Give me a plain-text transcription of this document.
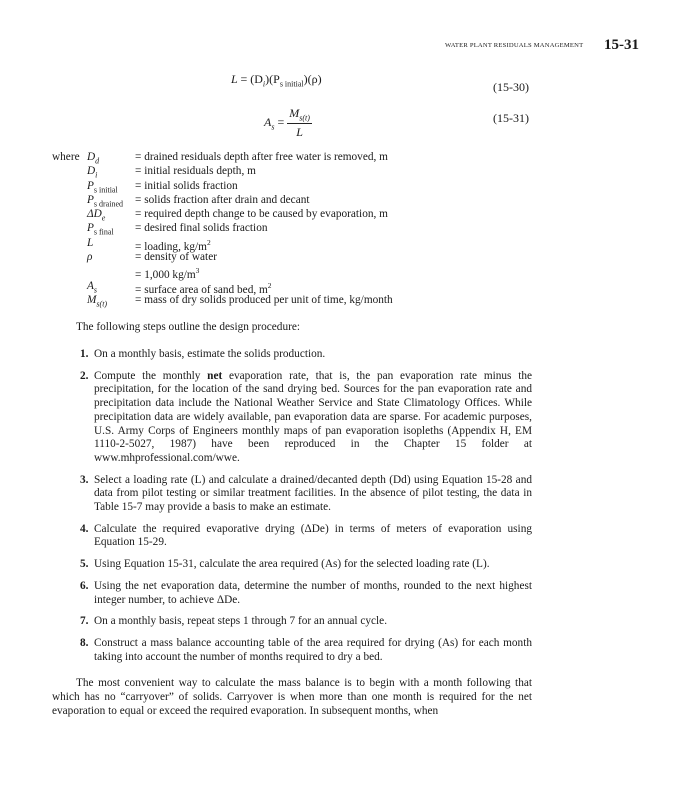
WATER PLANT RESIDUALS MANAGEMENT 15-31
$L = (D_i)(P_{s initial})(\rho)$
(15-30)
$A_s = \frac{M_{s(t)}}{L}$	(15-31)
where $D_d$	= drained residuals depth after free water is removed, m
$D_i$	= initial residuals depth, m
$P_{s initial}$ = initial solids fraction
$P_{s drained}$ = solids fraction after drain and decant
$\Delta D_e$	= required depth change to be caused by evaporation, m
$P_{s final}$ = desired final solids fraction
L	= loading, $kg/m^2$
ρ	= density of water
= 1,000 $kg/m^3$
$A_s$	= surface area of sand bed, $m^2$
$M_{s(t)}$ = mass of dry solids produced per unit of time, kg/month
The following steps outline the design procedure:
1. On a monthly basis, estimate the solids production.
2. Compute the monthly net evaporation rate, that is, the pan evaporation rate minus the precipitation, for the location of the sand drying bed. Sources for the pan evaporation rate and precipitation data include the National Weather Service and State Climatology Offices. While precipitation data are widely available, pan evaporation data are sparse. For academic purposes, U.S. Army Corps of Engineers monthly maps of pan evaporation isopleths (Appendix H, EM 1110-2-5027, 1987) have been reproduced in the Chapter 15 folder at www.mhprofessional.com/wwe.
3. Select a loading rate (L) and calculate a drained/decanted depth (Dd) using Equation 15-28 and data from pilot testing or similar treatment facilities. In the absence of pilot testing, the data in Table 15-7 may provide a basis to make an estimate.
4. Calculate the required evaporative drying (ΔDe) in terms of meters of evaporation using Equation 15-29.
5. Using Equation 15-31, calculate the area required (As) for the selected loading rate (L).
6. Using the net evaporation data, determine the number of months, rounded to the next highest integer number, to achieve ΔDe.
7. On a monthly basis, repeat steps 1 through 7 for an annual cycle.
8. Construct a mass balance accounting table of the area required for drying (As) for each month taking into account the number of months required to dry a bed.
The most convenient way to calculate the mass balance is to begin with a month following that which has no “carryover” of solids. Carryover is when more than one month is required for the net evaporation to equal or exceed the required evaporation. In subsequent months, when
